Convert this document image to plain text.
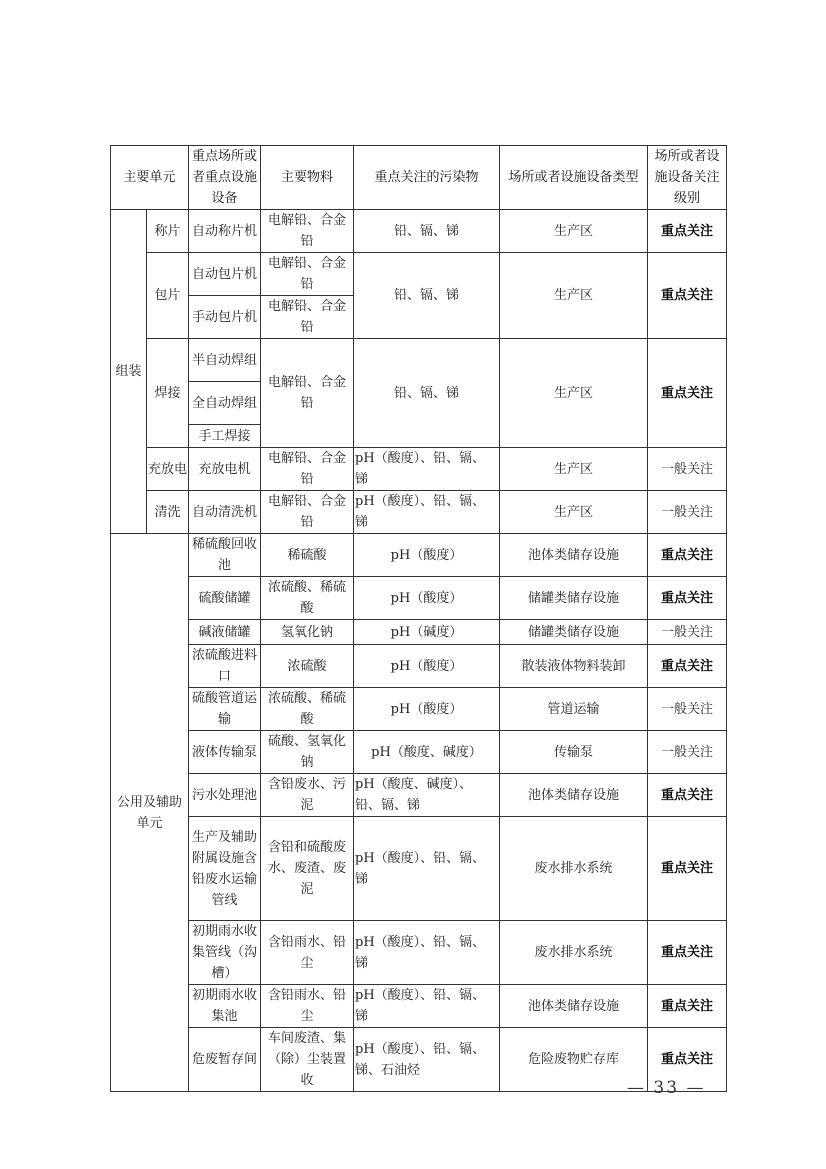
主要单元		重点场所或者重点设施设备	主要物料	重点关注的污染物	场所或者设施设备类型	场所或者设施设备关注级别
组装	称片	自动称片机	电解铅、合金铅	铅、镉、锑	生产区	重点关注
	包片	自动包片机	电解铅、合金铅	铅、镉、锑	生产区	重点关注
		手动包片机	电解铅、合金铅			
	焊接	半自动焊组	电解铅、合金铅	铅、镉、锑	生产区	重点关注
		全自动焊组				
		手工焊接				
	充放电	充放电机	电解铅、合金铅	pH（酸度）、铅、镉、锑	生产区	一般关注
	清洗	自动清洗机	电解铅、合金铅	pH（酸度）、铅、镉、锑	生产区	一般关注
公用及辅助单元		稀硫酸回收池	稀硫酸	pH（酸度）	池体类储存设施	重点关注
		硫酸储罐	浓硫酸、稀硫酸	pH（酸度）	储罐类储存设施	重点关注
		碱液储罐	氢氧化钠	pH（碱度）	储罐类储存设施	一般关注
		浓硫酸进料口	浓硫酸	pH（酸度）	散装液体物料装卸	重点关注
		硫酸管道运输	浓硫酸、稀硫酸	pH（酸度）	管道运输	一般关注
		液体传输泵	硫酸、氢氧化钠	pH（酸度、碱度）	传输泵	一般关注
		污水处理池	含铅废水、污泥	pH（酸度、碱度）、铅、镉、锑	池体类储存设施	重点关注
		生产及辅助附属设施含铅废水运输管线	含铅和硫酸废水、废渣、废泥	pH（酸度）、铅、镉、锑	废水排水系统	重点关注
		初期雨水收集管线（沟槽）	含铅雨水、铅尘	pH（酸度）、铅、镉、锑	废水排水系统	重点关注
		初期雨水收集池	含铅雨水、铅尘	pH（酸度）、铅、镉、锑	池体类储存设施	重点关注
		危废暂存间	车间废渣、集（除）尘装置收	pH（酸度）、铅、镉、锑、石油烃	危险废物贮存库	重点关注
— 33 —
